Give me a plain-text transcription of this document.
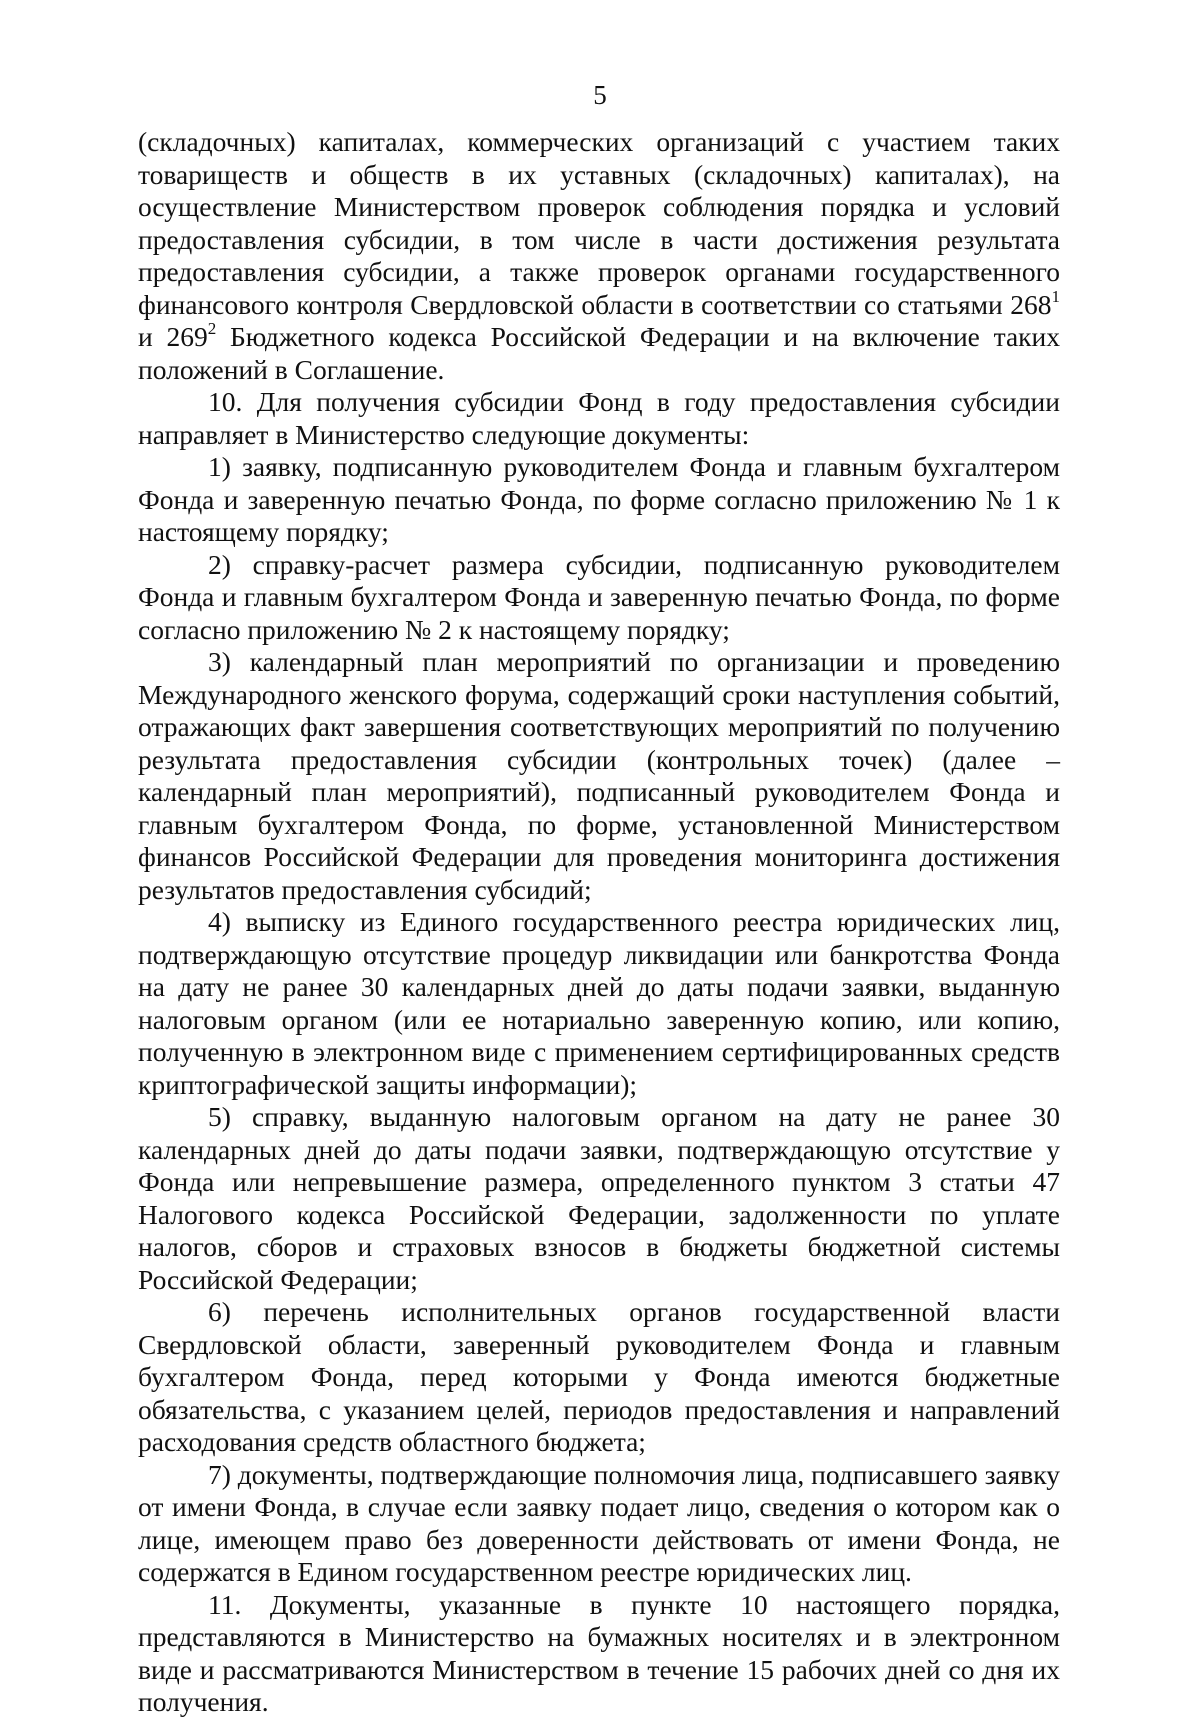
5

(складочных) капиталах, коммерческих организаций с участием таких товариществ и обществ в их уставных (складочных) капиталах), на осуществление Министерством проверок соблюдения порядка и условий предоставления субсидии, в том числе в части достижения результата предоставления субсидии, а также проверок органами государственного финансового контроля Свердловской области в соответствии со статьями $268^1$ и $269^2$ Бюджетного кодекса Российской Федерации и на включение таких положений в Соглашение.

10. Для получения субсидии Фонд в году предоставления субсидии направляет в Министерство следующие документы:

1) заявку, подписанную руководителем Фонда и главным бухгалтером Фонда и заверенную печатью Фонда, по форме согласно приложению № 1 к настоящему порядку;

2) справку-расчет размера субсидии, подписанную руководителем Фонда и главным бухгалтером Фонда и заверенную печатью Фонда, по форме согласно приложению № 2 к настоящему порядку;

3) календарный план мероприятий по организации и проведению Международного женского форума, содержащий сроки наступления событий, отражающих факт завершения соответствующих мероприятий по получению результата предоставления субсидии (контрольных точек) (далее – календарный план мероприятий), подписанный руководителем Фонда и главным бухгалтером Фонда, по форме, установленной Министерством финансов Российской Федерации для проведения мониторинга достижения результатов предоставления субсидий;

4) выписку из Единого государственного реестра юридических лиц, подтверждающую отсутствие процедур ликвидации или банкротства Фонда на дату не ранее 30 календарных дней до даты подачи заявки, выданную налоговым органом (или ее нотариально заверенную копию, или копию, полученную в электронном виде с применением сертифицированных средств криптографической защиты информации);

5) справку, выданную налоговым органом на дату не ранее 30 календарных дней до даты подачи заявки, подтверждающую отсутствие у Фонда или непревышение размера, определенного пунктом 3 статьи 47 Налогового кодекса Российской Федерации, задолженности по уплате налогов, сборов и страховых взносов в бюджеты бюджетной системы Российской Федерации;

6) перечень исполнительных органов государственной власти Свердловской области, заверенный руководителем Фонда и главным бухгалтером Фонда, перед которыми у Фонда имеются бюджетные обязательства, с указанием целей, периодов предоставления и направлений расходования средств областного бюджета;

7) документы, подтверждающие полномочия лица, подписавшего заявку от имени Фонда, в случае если заявку подает лицо, сведения о котором как о лице, имеющем право без доверенности действовать от имени Фонда, не содержатся в Едином государственном реестре юридических лиц.

11. Документы, указанные в пункте 10 настоящего порядка, представляются в Министерство на бумажных носителях и в электронном виде и рассматриваются Министерством в течение 15 рабочих дней со дня их получения.
